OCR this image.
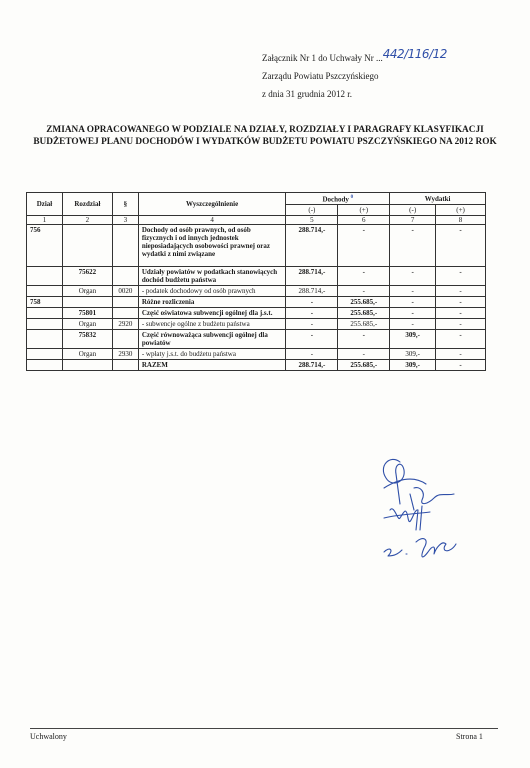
Załącznik Nr 1 do Uchwały Nr ...442/116/12
Zarządu Powiatu Pszczyńskiego
z dnia 31 grudnia 2012 r.
ZMIANA OPRACOWANEGO W PODZIALE NA DZIAŁY, ROZDZIAŁY I PARAGRAFY KLASYFIKACJI BUDŻETOWEJ PLANU DOCHODÓW I WYDATKÓW BUDŻETU POWIATU PSZCZYŃSKIEGO NA 2012 ROK
Dział	Rozdział	§	Wyszczególnienie	Dochody $^0$		Wydatki	
				(-)	(+)	(-)	(+)
1	2	3	4	5	6	7	8
756			Dochody od osób prawnych, od osób fizycznych i od innych jednostek nieposiadających osobowości prawnej oraz wydatki z nimi związane	288.714,-	-	-	-
	75622		Udziały powiatów w podatkach stanowiących dochód budżetu państwa	288.714,-	-	-	-
	Organ	0020	- podatek dochodowy od osób prawnych	288.714,-	-	-	-
758			Różne rozliczenia	-	255.685,-	-	-
	75801		Część oświatowa subwencji ogólnej dla j.s.t.	-	255.685,-	-	-
	Organ	2920	- subwencje ogólne z budżetu państwa	-	255.685,-	-	-
	75832		Część równoważąca subwencji ogólnej dla powiatów	-	-	309,-	-
	Organ	2930	- wpłaty j.s.t. do budżetu państwa	-	-	309,-	-
			RAZEM	288.714,-	255.685,-	309,-	-
Uchwalony	Strona 1
